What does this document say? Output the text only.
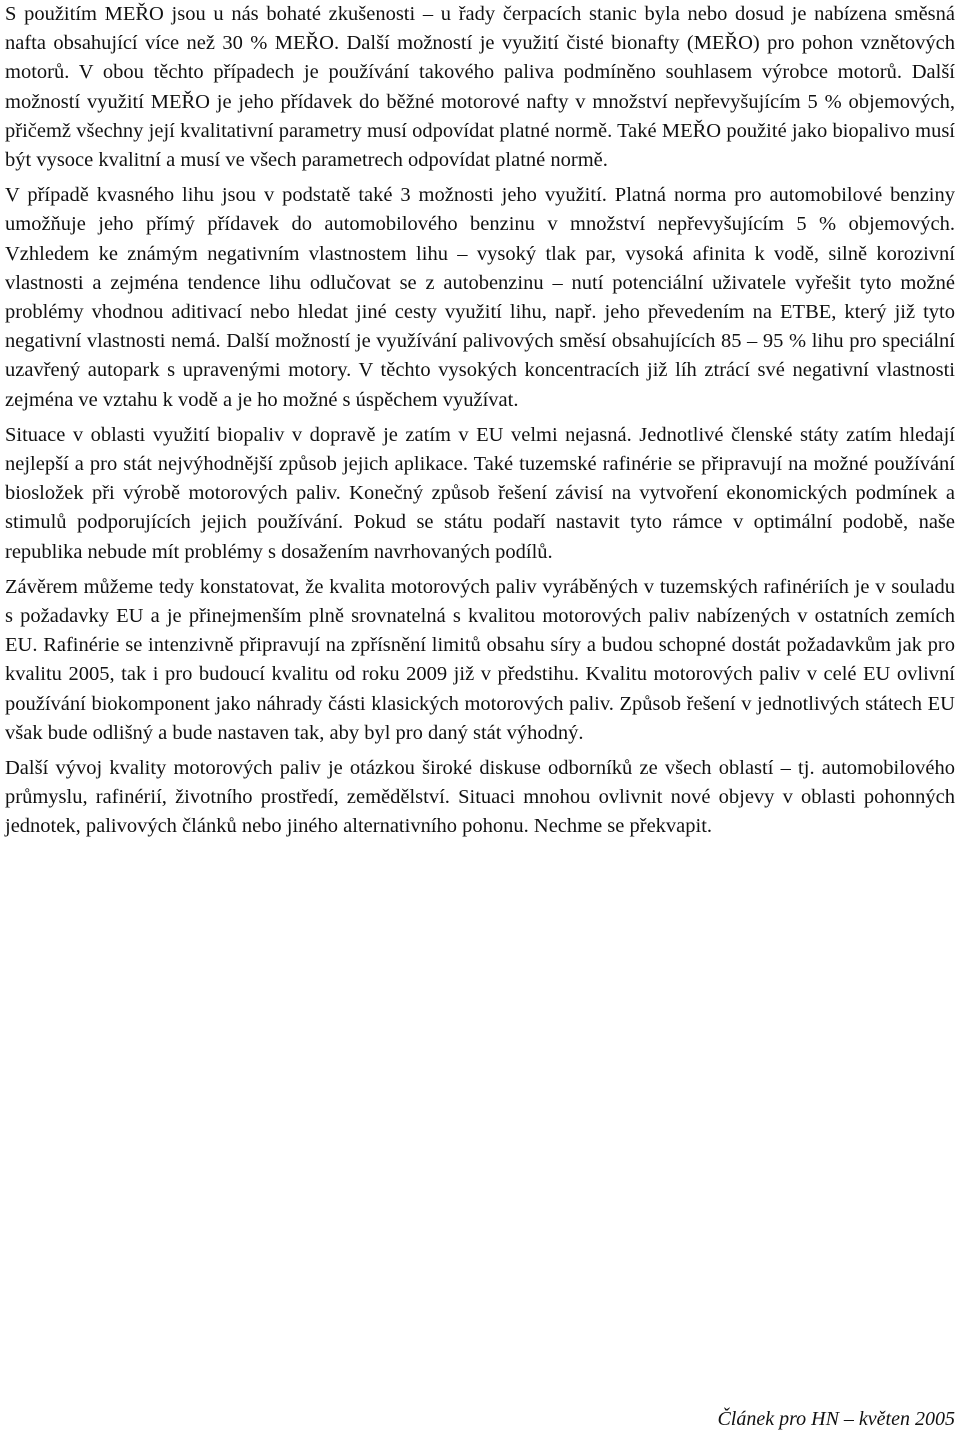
S použitím MEŘO jsou u nás bohaté zkušenosti – u řady čerpacích stanic byla nebo dosud je nabízena směsná nafta obsahující více než 30 % MEŘO. Další možností je využití čisté bionafty (MEŘO) pro pohon vznětových motorů. V obou těchto případech je používání takového paliva podmíněno souhlasem výrobce motorů. Další možností využití MEŘO je jeho přídavek do běžné motorové nafty v množství nepřevyšujícím 5 % objemových, přičemž všechny její kvalitativní parametry musí odpovídat platné normě. Také MEŘO použité jako biopalivo musí být vysoce kvalitní a musí ve všech parametrech odpovídat platné normě.

V případě kvasného lihu jsou v podstatě také 3 možnosti jeho využití. Platná norma pro automobilové benziny umožňuje jeho přímý přídavek do automobilového benzinu v množství nepřevyšujícím 5 % objemových. Vzhledem ke známým negativním vlastnostem lihu – vysoký tlak par, vysoká afinita k vodě, silně korozivní vlastnosti a zejména tendence lihu odlučovat se z autobenzinu – nutí potenciální uživatele vyřešit tyto možné problémy vhodnou aditivací nebo hledat jiné cesty využití lihu, např. jeho převedením na ETBE, který již tyto negativní vlastnosti nemá. Další možností je využívání palivových směsí obsahujících 85 – 95 % lihu pro speciální uzavřený autopark s upravenými motory. V těchto vysokých koncentracích již líh ztrácí své negativní vlastnosti zejména ve vztahu k vodě a je ho možné s úspěchem využívat.

Situace v oblasti využití biopaliv v dopravě je zatím v EU velmi nejasná. Jednotlivé členské státy zatím hledají nejlepší a pro stát nejvýhodnější způsob jejich aplikace. Také tuzemské rafinérie se připravují na možné používání biosložek při výrobě motorových paliv. Konečný způsob řešení závisí na vytvoření ekonomických podmínek a stimulů podporujících jejich používání. Pokud se státu podaří nastavit tyto rámce v optimální podobě, naše republika nebude mít problémy s dosažením navrhovaných podílů.

Závěrem můžeme tedy konstatovat, že kvalita motorových paliv vyráběných v tuzemských rafinériích je v souladu s požadavky EU a je přinejmenším plně srovnatelná s kvalitou motorových paliv nabízených v ostatních zemích EU. Rafinérie se intenzivně připravují na zpřísnění limitů obsahu síry a budou schopné dostát požadavkům jak pro kvalitu 2005, tak i pro budoucí kvalitu od roku 2009 již v předstihu. Kvalitu motorových paliv v celé EU ovlivní používání biokomponent jako náhrady části klasických motorových paliv. Způsob řešení v jednotlivých státech EU však bude odlišný a bude nastaven tak, aby byl pro daný stát výhodný.

Další vývoj kvality motorových paliv je otázkou široké diskuse odborníků ze všech oblastí – tj. automobilového průmyslu, rafinérií, životního prostředí, zemědělství. Situaci mnohou ovlivnit nové objevy v oblasti pohonných jednotek, palivových článků nebo jiného alternativního pohonu. Nechme se překvapit.

Článek pro HN – květen 2005
